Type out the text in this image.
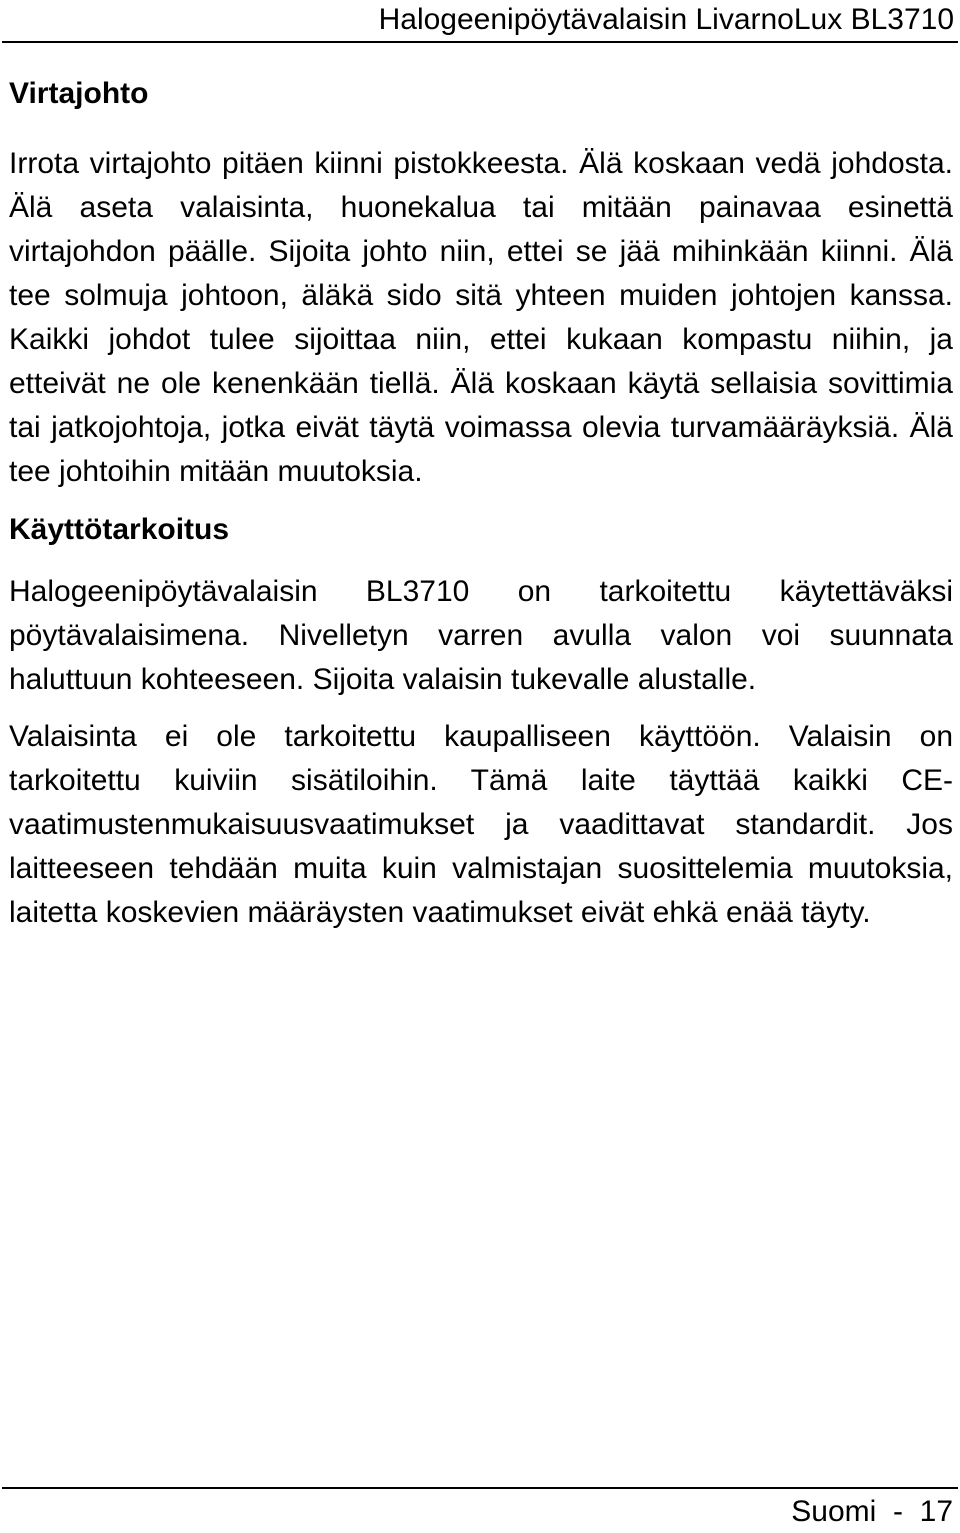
Halogeenipöytävalaisin LivarnoLux BL3710
Virtajohto

Irrota virtajohto pitäen kiinni pistokkeesta. Älä koskaan vedä johdosta. Älä aseta valaisinta, huonekalua tai mitään painavaa esinettä virtajohdon päälle. Sijoita johto niin, ettei se jää mihinkään kiinni. Älä tee solmuja johtoon, äläkä sido sitä yhteen muiden johtojen kanssa. Kaikki johdot tulee sijoittaa niin, ettei kukaan kompastu niihin, ja etteivät ne ole kenenkään tiellä. Älä koskaan käytä sellaisia sovittimia tai jatkojohtoja, jotka eivät täytä voimassa olevia turvamääräyksiä. Älä tee johtoihin mitään muutoksia.

Käyttötarkoitus

Halogeenipöytävalaisin BL3710 on tarkoitettu käytettäväksi pöytävalaisimena. Nivelletyn varren avulla valon voi suunnata haluttuun kohteeseen. Sijoita valaisin tukevalle alustalle.

Valaisinta ei ole tarkoitettu kaupalliseen käyttöön. Valaisin on tarkoitettu kuiviin sisätiloihin. Tämä laite täyttää kaikki CE-vaatimustenmukaisuusvaatimukset ja vaadittavat standardit. Jos laitteeseen tehdään muita kuin valmistajan suosittelemia muutoksia, laitetta koskevien määräysten vaatimukset eivät ehkä enää täyty.

Suomi  -  17
